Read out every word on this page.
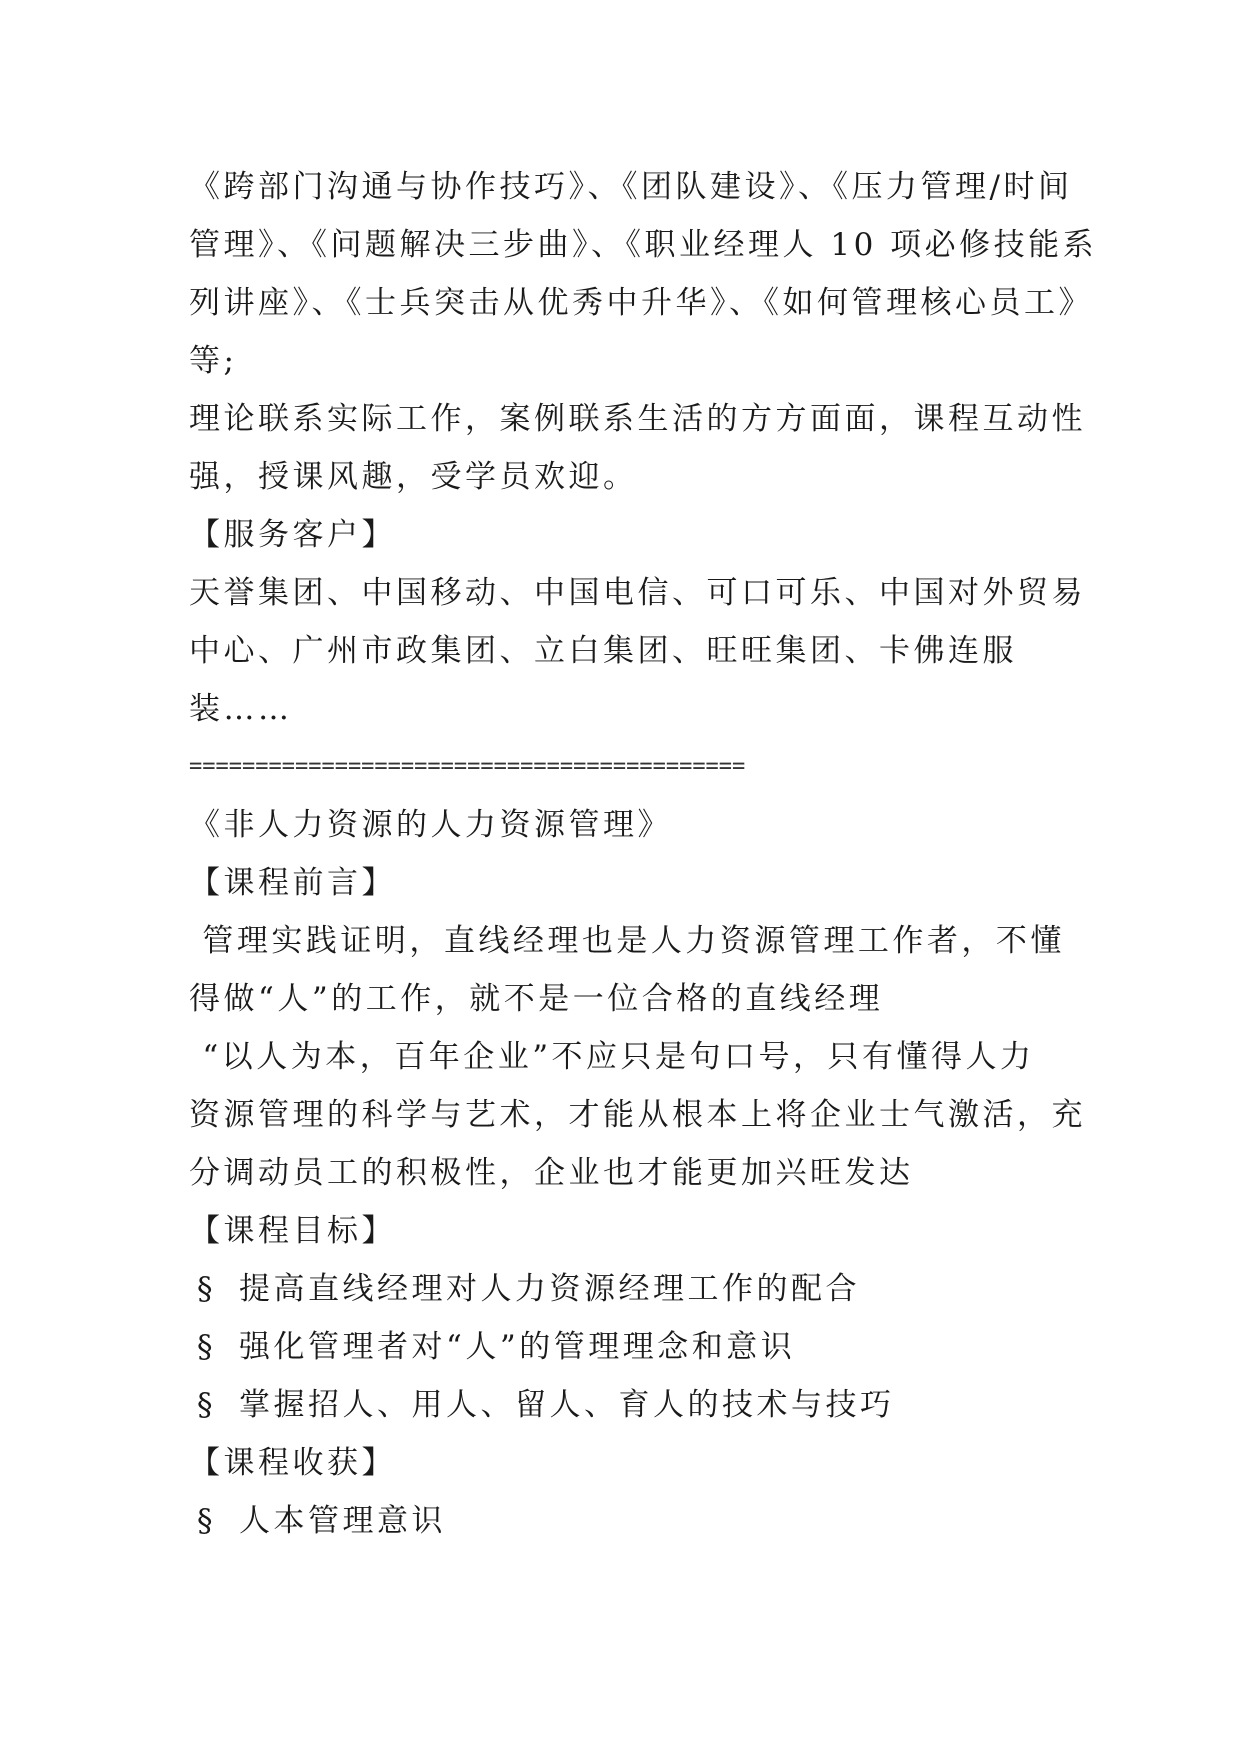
《跨部门沟通与协作技巧》、《团队建设》、《压力管理/时间
管理》、《问题解决三步曲》、《职业经理人 10 项必修技能系
列讲座》、《士兵突击从优秀中升华》、《如何管理核心员工》
等;
理论联系实际工作，案例联系生活的方方面面，课程互动性
强，授课风趣，受学员欢迎。
【服务客户】
天誉集团、中国移动、中国电信、可口可乐、中国对外贸易
中心、广州市政集团、立白集团、旺旺集团、卡佛连服
装……
==========================================
《非人力资源的人力资源管理》
【课程前言】
管理实践证明，直线经理也是人力资源管理工作者，不懂
得做“人”的工作，就不是一位合格的直线经理
“以人为本，百年企业”不应只是句口号，只有懂得人力
资源管理的科学与艺术，才能从根本上将企业士气激活，充
分调动员工的积极性，企业也才能更加兴旺发达
【课程目标】
§ 提高直线经理对人力资源经理工作的配合
§ 强化管理者对“人”的管理理念和意识
§ 掌握招人、用人、留人、育人的技术与技巧
【课程收获】
§ 人本管理意识
